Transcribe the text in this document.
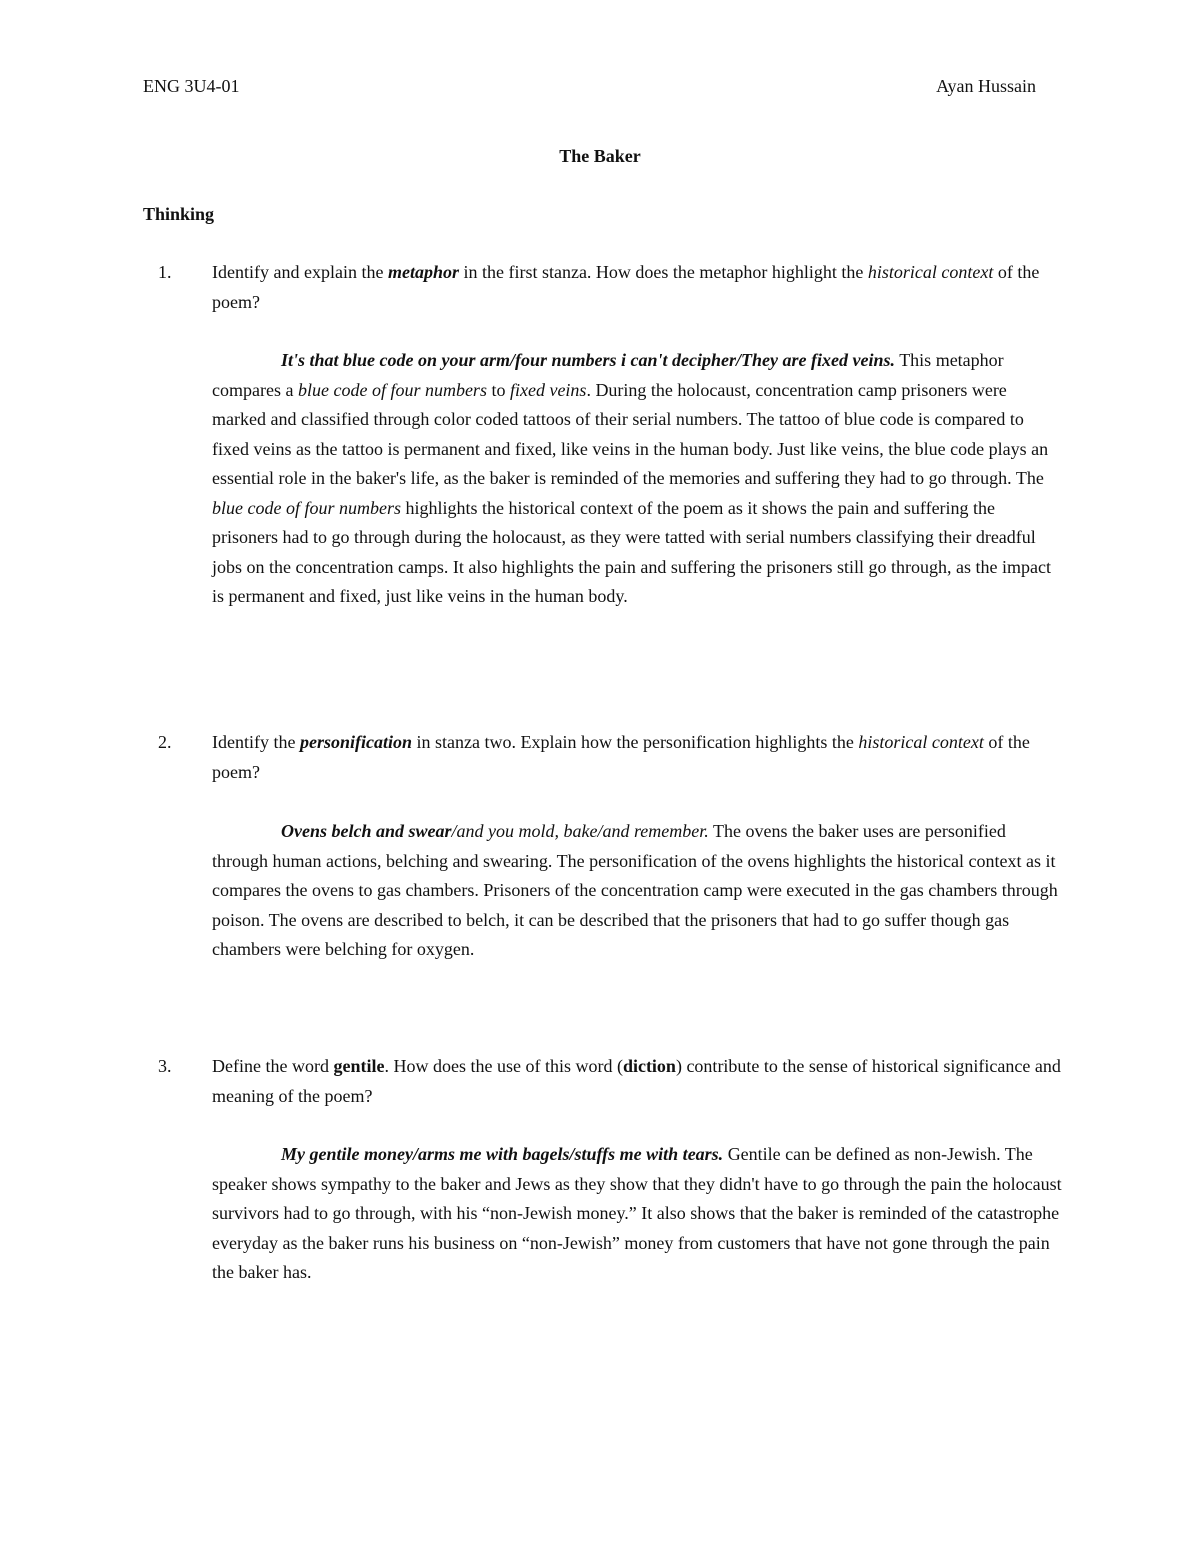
ENG 3U4-01	Ayan Hussain
The Baker
Thinking
1. Identify and explain the metaphor in the first stanza. How does the metaphor highlight the historical context of the poem?
It's that blue code on your arm/four numbers i can't decipher/They are fixed veins. This metaphor compares a blue code of four numbers to fixed veins. During the holocaust, concentration camp prisoners were marked and classified through color coded tattoos of their serial numbers. The tattoo of blue code is compared to fixed veins as the tattoo is permanent and fixed, like veins in the human body. Just like veins, the blue code plays an essential role in the baker's life, as the baker is reminded of the memories and suffering they had to go through. The blue code of four numbers highlights the historical context of the poem as it shows the pain and suffering the prisoners had to go through during the holocaust, as they were tatted with serial numbers classifying their dreadful jobs on the concentration camps. It also highlights the pain and suffering the prisoners still go through, as the impact is permanent and fixed, just like veins in the human body.
2. Identify the personification in stanza two. Explain how the personification highlights the historical context of the poem?
Ovens belch and swear/and you mold, bake/and remember. The ovens the baker uses are personified through human actions, belching and swearing. The personification of the ovens highlights the historical context as it compares the ovens to gas chambers. Prisoners of the concentration camp were executed in the gas chambers through poison. The ovens are described to belch, it can be described that the prisoners that had to go suffer though gas chambers were belching for oxygen.
3. Define the word gentile. How does the use of this word (diction) contribute to the sense of historical significance and meaning of the poem?
My gentile money/arms me with bagels/stuffs me with tears. Gentile can be defined as non-Jewish. The speaker shows sympathy to the baker and Jews as they show that they didn't have to go through the pain the holocaust survivors had to go through, with his “non-Jewish money.” It also shows that the baker is reminded of the catastrophe everyday as the baker runs his business on “non-Jewish” money from customers that have not gone through the pain the baker has.
